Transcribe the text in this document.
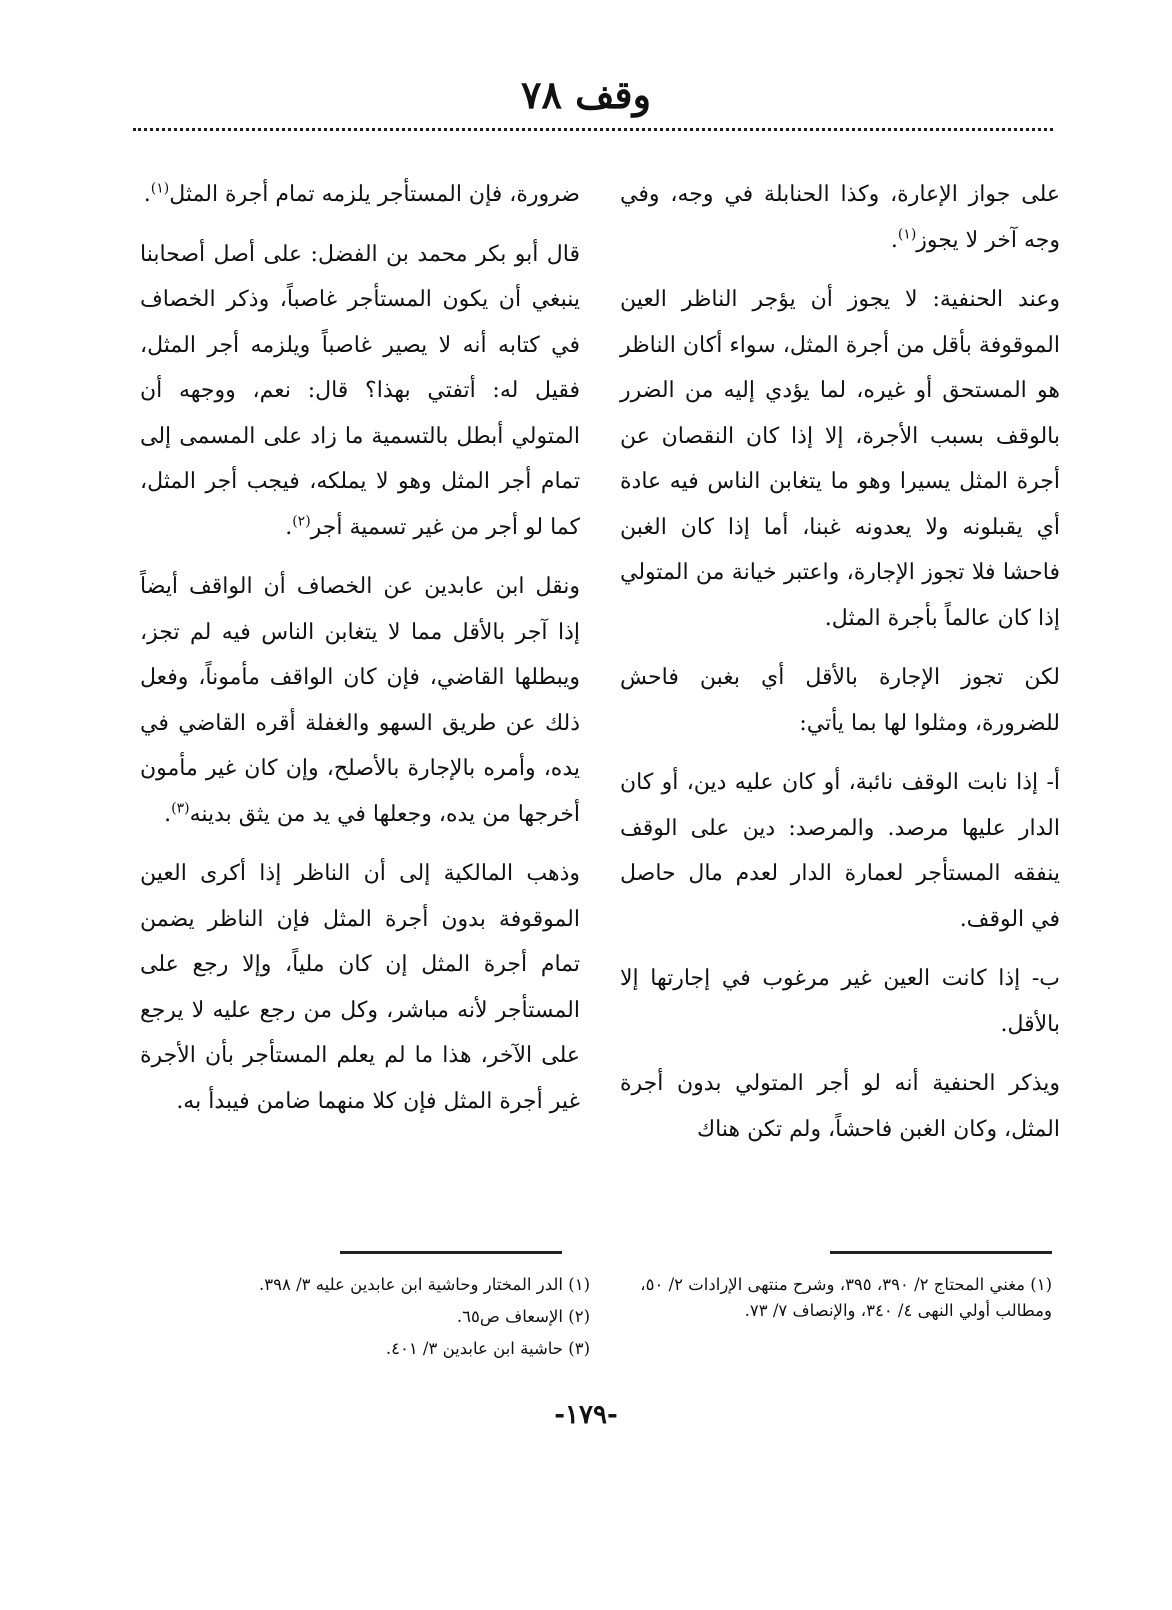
وقف ٧٨

على جواز الإعارة، وكذا الحنابلة في وجه، وفي وجه آخر لا يجوز$^{(١)}$.

وعند الحنفية: لا يجوز أن يؤجر الناظر العين الموقوفة بأقل من أجرة المثل، سواء أكان الناظر هو المستحق أو غيره، لما يؤدي إليه من الضرر بالوقف بسبب الأجرة، إلا إذا كان النقصان عن أجرة المثل يسيرا وهو ما يتغابن الناس فيه عادة أي يقبلونه ولا يعدونه غبنا، أما إذا كان الغبن فاحشا فلا تجوز الإجارة، واعتبر خيانة من المتولي إذا كان عالماً بأجرة المثل.

لكن تجوز الإجارة بالأقل أي بغبن فاحش للضرورة، ومثلوا لها بما يأتي:

أ- إذا نابت الوقف نائبة، أو كان عليه دين، أو كان الدار عليها مرصد. والمرصد: دين على الوقف ينفقه المستأجر لعمارة الدار لعدم مال حاصل في الوقف.

ب- إذا كانت العين غير مرغوب في إجارتها إلا بالأقل.

ويذكر الحنفية أنه لو أجر المتولي بدون أجرة المثل، وكان الغبن فاحشاً، ولم تكن هناك

ضرورة، فإن المستأجر يلزمه تمام أجرة المثل$^{(١)}$.

قال أبو بكر محمد بن الفضل: على أصل أصحابنا ينبغي أن يكون المستأجر غاصباً، وذكر الخصاف في كتابه أنه لا يصير غاصباً ويلزمه أجر المثل، فقيل له: أتفتي بهذا؟ قال: نعم، ووجهه أن المتولي أبطل بالتسمية ما زاد على المسمى إلى تمام أجر المثل وهو لا يملكه، فيجب أجر المثل، كما لو أجر من غير تسمية أجر$^{(٢)}$.

ونقل ابن عابدين عن الخصاف أن الواقف أيضاً إذا آجر بالأقل مما لا يتغابن الناس فيه لم تجز، ويبطلها القاضي، فإن كان الواقف مأموناً، وفعل ذلك عن طريق السهو والغفلة أقره القاضي في يده، وأمره بالإجارة بالأصلح، وإن كان غير مأمون أخرجها من يده، وجعلها في يد من يثق بدينه$^{(٣)}$.

وذهب المالكية إلى أن الناظر إذا أكرى العين الموقوفة بدون أجرة المثل فإن الناظر يضمن تمام أجرة المثل إن كان ملياً، وإلا رجع على المستأجر لأنه مباشر، وكل من رجع عليه لا يرجع على الآخر، هذا ما لم يعلم المستأجر بأن الأجرة غير أجرة المثل فإن كلا منهما ضامن فيبدأ به.

(١) مغني المحتاج ٢/ ٣٩٠، ٣٩٥، وشرح منتهى الإرادات ٢/ ٥٠، ومطالب أولي النهى ٤/ ٣٤٠، والإنصاف ٧/ ٧٣.
(١) الدر المختار وحاشية ابن عابدين عليه ٣/ ٣٩٨.
(٢) الإسعاف ص٦٥.
(٣) حاشية ابن عابدين ٣/ ٤٠١.
-١٧٩-
